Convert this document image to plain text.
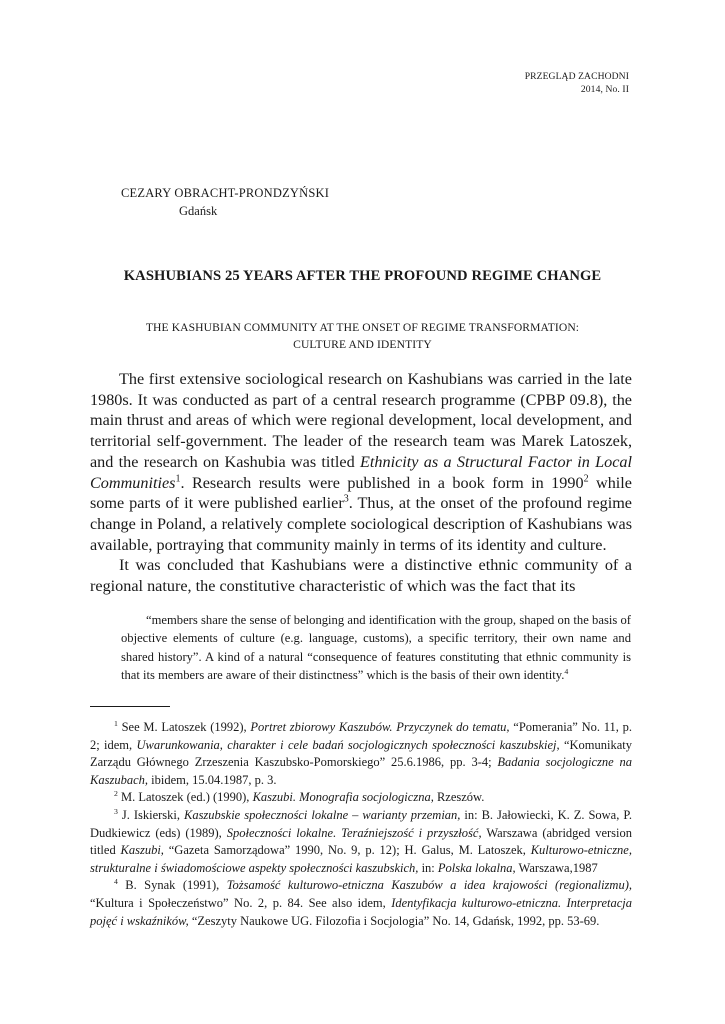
PRZEGLĄD ZACHODNI
2014, No. II
CEZARY OBRACHT-PRONDZYŃSKI
Gdańsk
KASHUBIANS 25 YEARS AFTER THE PROFOUND REGIME CHANGE
THE KASHUBIAN COMMUNITY AT THE ONSET OF REGIME TRANSFORMATION:
CULTURE AND IDENTITY

The first extensive sociological research on Kashubians was carried in the late 1980s. It was conducted as part of a central research programme (CPBP 09.8), the main thrust and areas of which were regional development, local development, and territorial self-government. The leader of the research team was Marek Latoszek, and the research on Kashubia was titled Ethnicity as a Structural Factor in Local Communities$^1$. Research results were published in a book form in 1990$^2$ while some parts of it were published earlier$^3$. Thus, at the onset of the profound regime change in Poland, a relatively complete sociological description of Kashubians was available, portraying that community mainly in terms of its identity and culture.

It was concluded that Kashubians were a distinctive ethnic community of a regional nature, the constitutive characteristic of which was the fact that its

“members share the sense of belonging and identification with the group, shaped on the basis of objective elements of culture (e.g. language, customs), a specific territory, their own name and shared history”. A kind of a natural “consequence of features constituting that ethnic community is that its members are aware of their distinctness” which is the basis of their own identity.$^4$

$^1$ See M. Latoszek (1992), Portret zbiorowy Kaszubów. Przyczynek do tematu, “Pomerania” No. 11, p. 2; idem, Uwarunkowania, charakter i cele badań socjologicznych społeczności kaszubskiej, “Komunikaty Zarządu Głównego Zrzeszenia Kaszubsko-Pomorskiego” 25.6.1986, pp. 3-4; Badania socjologiczne na Kaszubach, ibidem, 15.04.1987, p. 3.

$^2$ M. Latoszek (ed.) (1990), Kaszubi. Monografia socjologiczna, Rzeszów.

$^3$ J. Iskierski, Kaszubskie społeczności lokalne – warianty przemian, in: B. Jałowiecki, K. Z. Sowa, P. Dudkiewicz (eds) (1989), Społeczności lokalne. Teraźniejszość i przyszłość, Warszawa (abridged version titled Kaszubi, “Gazeta Samorządowa” 1990, No. 9, p. 12); H. Galus, M. Latoszek, Kulturowo-etniczne, strukturalne i świadomościowe aspekty społeczności kaszubskich, in: Polska lokalna, Warszawa,1987

$^4$ B. Synak (1991), Tożsamość kulturowo-etniczna Kaszubów a idea krajowości (regionalizmu), “Kultura i Społeczeństwo” No. 2, p. 84. See also idem, Identyfikacja kulturowo-etniczna. Interpretacja pojęć i wskaźników, “Zeszyty Naukowe UG. Filozofia i Socjologia” No. 14, Gdańsk, 1992, pp. 53-69.
